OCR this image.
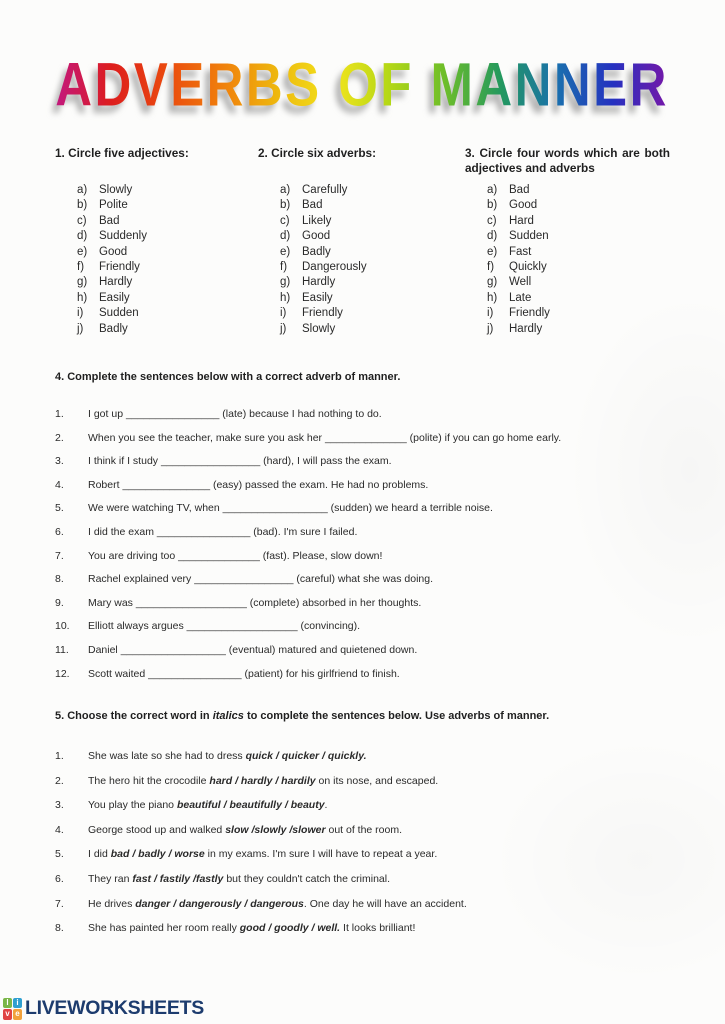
ADVERBS OF MANNER
1. Circle five adjectives:
a) Slowly
b) Polite
c) Bad
d) Suddenly
e) Good
f) Friendly
g) Hardly
h) Easily
i) Sudden
j) Badly
2. Circle six adverbs:
a) Carefully
b) Bad
c) Likely
d) Good
e) Badly
f) Dangerously
g) Hardly
h) Easily
i) Friendly
j) Slowly
3. Circle four words which are both adjectives and adverbs
a) Bad
b) Good
c) Hard
d) Sudden
e) Fast
f) Quickly
g) Well
h) Late
i) Friendly
j) Hardly
4. Complete the sentences below with a correct adverb of manner.
1.	I got up ________________ (late) because I had nothing to do.
2.	When you see the teacher, make sure you ask her ______________ (polite) if you can go home early.
3.	I think if I study _________________ (hard), I will pass the exam.
4.	Robert _______________ (easy) passed the exam. He had no problems.
5.	We were watching TV, when __________________ (sudden) we heard a terrible noise.
6.	I did the exam ________________ (bad). I'm sure I failed.
7.	You are driving too ______________ (fast). Please, slow down!
8.	Rachel explained very _________________ (careful) what she was doing.
9.	Mary was ___________________ (complete) absorbed in her thoughts.
10.	Elliott always argues ___________________ (convincing).
11.	Daniel __________________ (eventual) matured and quietened down.
12.	Scott waited ________________ (patient) for his girlfriend to finish.
5. Choose the correct word in italics to complete the sentences below. Use adverbs of manner.
1.	She was late so she had to dress quick / quicker / quickly.
2.	The hero hit the crocodile hard / hardly / hardily on its nose, and escaped.
3.	You play the piano beautiful / beautifully / beauty.
4.	George stood up and walked slow /slowly /slower out of the room.
5.	I did bad / badly / worse in my exams. I'm sure I will have to repeat a year.
6.	They ran fast / fastily /fastly but they couldn't catch the criminal.
7.	He drives danger / dangerously / dangerous. One day he will have an accident.
8.	She has painted her room really good / goodly / well. It looks brilliant!
l i
v e LIVEWORKSHEETS
